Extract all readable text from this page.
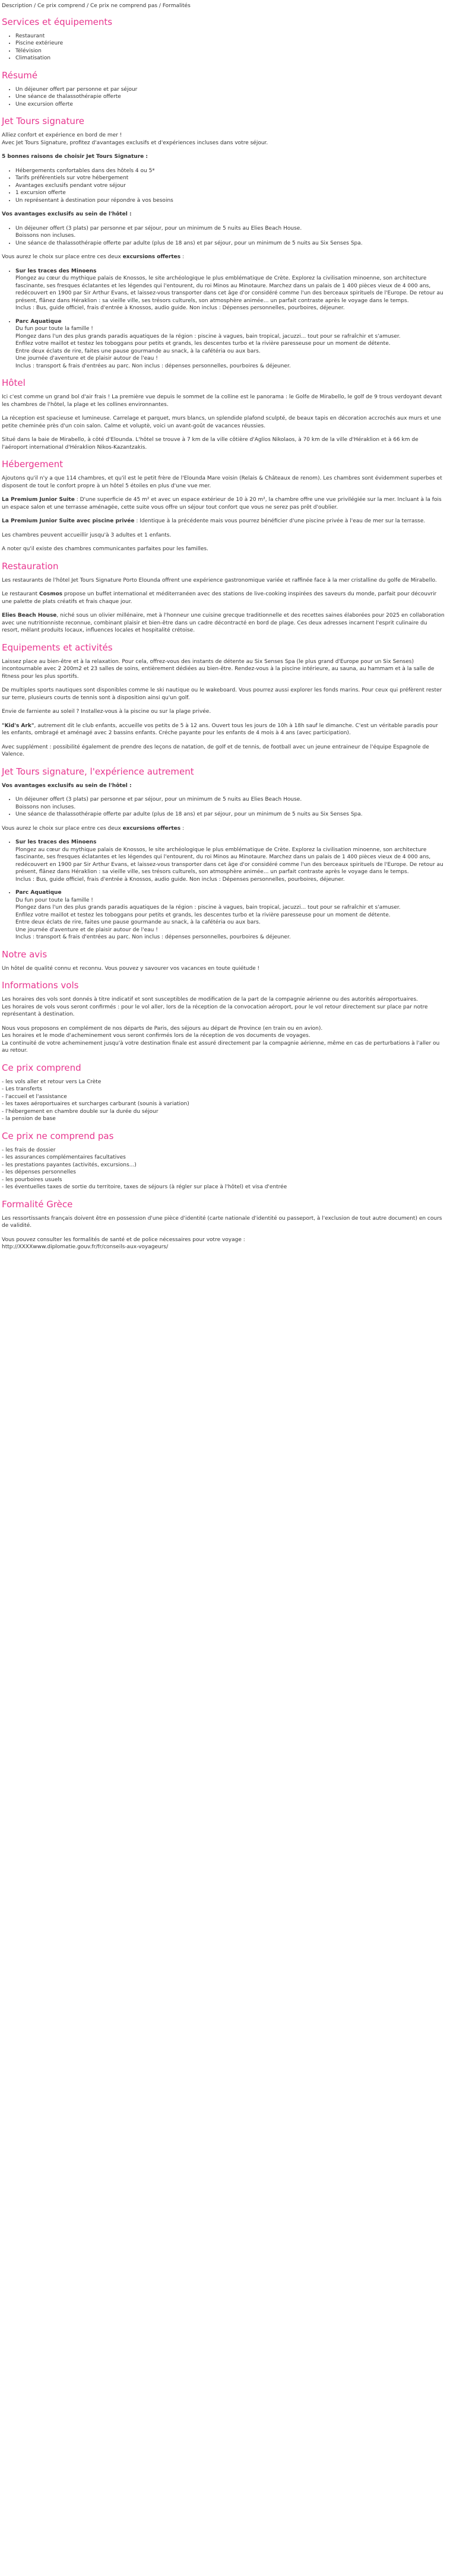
Description / Ce prix comprend / Ce prix ne comprend pas / Formalités
Services et équipements
• Restaurant
• Piscine extérieure
• Télévision
• Climatisation
Résumé
• Un déjeuner offert par personne et par séjour
• Une séance de thalassothérapie offerte
• Une excursion offerte
Jet Tours signature

Alliez confort et expérience en bord de mer !
Avec Jet Tours Signature, profitez d'avantages exclusifs et d'expériences incluses dans votre séjour.

5 bonnes raisons de choisir Jet Tours Signature :

• Hébergements confortables dans des hôtels 4 ou 5*
• Tarifs préférentiels sur votre hébergement
• Avantages exclusifs pendant votre séjour
• 1 excursion offerte
• Un représentant à destination pour répondre à vos besoins

Vos avantages exclusifs au sein de l'hôtel :

• Un déjeuner offert (3 plats) par personne et par séjour, pour un minimum de 5 nuits au Elies Beach House.
Boissons non incluses.
• Une séance de thalassothérapie offerte par adulte (plus de 18 ans) et par séjour, pour un minimum de 5 nuits au Six Senses Spa.

Vous aurez le choix sur place entre ces deux excursions offertes :

• Sur les traces des Minoens
Plongez au cœur du mythique palais de Knossos, le site archéologique le plus emblématique de Crète. Explorez la civilisation minoenne, son architecture fascinante, ses fresques éclatantes et les légendes qui l'entourent, du roi Minos au Minotaure. Marchez dans un palais de 1 400 pièces vieux de 4 000 ans, redécouvert en 1900 par Sir Arthur Evans, et laissez-vous transporter dans cet âge d'or considéré comme l'un des berceaux spirituels de l'Europe. De retour au présent, flânez dans Héraklion : sa vieille ville, ses trésors culturels, son atmosphère animée... un parfait contraste après le voyage dans le temps.
Inclus : Bus, guide officiel, frais d'entrée à Knossos, audio guide. Non inclus : Dépenses personnelles, pourboires, déjeuner.
• Parc Aquatique
Du fun pour toute la famille !
Plongez dans l'un des plus grands paradis aquatiques de la région : piscine à vagues, bain tropical, jacuzzi... tout pour se rafraîchir et s'amuser.
Enfilez votre maillot et testez les toboggans pour petits et grands, les descentes turbo et la rivière paresseuse pour un moment de détente.
Entre deux éclats de rire, faites une pause gourmande au snack, à la cafétéria ou aux bars.
Une journée d'aventure et de plaisir autour de l'eau !
Inclus : transport & frais d'entrées au parc. Non inclus : dépenses personnelles, pourboires & déjeuner.
Hôtel

Ici c'est comme un grand bol d'air frais ! La première vue depuis le sommet de la colline est le panorama : le Golfe de Mirabello, le golf de 9 trous verdoyant devant les chambres de l'hôtel, la plage et les collines environnantes.

La réception est spacieuse et lumineuse. Carrelage et parquet, murs blancs, un splendide plafond sculpté, de beaux tapis en décoration accrochés aux murs et une petite cheminée près d'un coin salon. Calme et voluptè, voici un avant-goût de vacances réussies.

Situé dans la baie de Mirabello, à côté d'Elounda. L'hôtel se trouve à 7 km de la ville côtière d'Aglios Nikolaos, à 70 km de la ville d'Héraklion et à 66 km de l'aéroport international d'Héraklion Nikos-Kazantzakis.

Hébergement

Ajoutons qu'il n'y a que 114 chambres, et qu'il est le petit frère de l'Elounda Mare voisin (Relais & Châteaux de renom). Les chambres sont évidemment superbes et disposent de tout le confort propre à un hôtel 5 étoiles en plus d'une vue mer.

La Premium Junior Suite : D'une superficie de 45 m² et avec un espace extérieur de 10 à 20 m², la chambre offre une vue privilégiée sur la mer. Incluant à la fois un espace salon et une terrasse aménagée, cette suite vous offre un séjour tout confort que vous ne serez pas prêt d'oublier.

La Premium Junior Suite avec piscine privée : Identique à la précédente mais vous pourrez bénéficier d'une piscine privée à l'eau de mer sur la terrasse.

Les chambres peuvent accueillir jusqu'à 3 adultes et 1 enfants.

A noter qu'il existe des chambres communicantes parfaites pour les familles.

Restauration

Les restaurants de l'hôtel Jet Tours Signature Porto Elounda offrent une expérience gastronomique variée et raffinée face à la mer cristalline du golfe de Mirabello.

Le restaurant Cosmos propose un buffet international et méditerranéen avec des stations de live-cooking inspirées des saveurs du monde, parfait pour découvrir une palette de plats créatifs et frais chaque jour.

Elies Beach House, niché sous un olivier millénaire, met à l'honneur une cuisine grecque traditionnelle et des recettes saines élaborées pour 2025 en collaboration avec une nutritionniste reconnue, combinant plaisir et bien-être dans un cadre décontracté en bord de plage. Ces deux adresses incarnent l'esprit culinaire du resort, mêlant produits locaux, influences locales et hospitalité crétoise.

Equipements et activités

Laissez place au bien-être et à la relaxation. Pour cela, offrez-vous des instants de détente au Six Senses Spa (le plus grand d'Europe pour un Six Senses) incontournable avec 2 200m2 et 23 salles de soins, entièrement dédiées au bien-être. Rendez-vous à la piscine intérieure, au sauna, au hammam et à la salle de fitness pour les plus sportifs.

De multiples sports nautiques sont disponibles comme le ski nautique ou le wakeboard. Vous pourrez aussi explorer les fonds marins. Pour ceux qui préfèrent rester sur terre, plusieurs courts de tennis sont à disposition ainsi qu'un golf.

Envie de farniente au soleil ? Installez-vous à la piscine ou sur la plage privée.

"Kid's Ark", autrement dit le club enfants, accueille vos petits de 5 à 12 ans. Ouvert tous les jours de 10h à 18h sauf le dimanche. C'est un véritable paradis pour les enfants, ombragé et aménagé avec 2 bassins enfants. Créche payante pour les enfants de 4 mois à 4 ans (avec participation).

Avec supplément : possibilité également de prendre des leçons de natation, de golf et de tennis, de football avec un jeune entraineur de l'équipe Espagnole de Valence.

Jet Tours signature, l'expérience autrement

Vos avantages exclusifs au sein de l'hôtel :

• Un déjeuner offert (3 plats) par personne et par séjour, pour un minimum de 5 nuits au Elies Beach House.
Boissons non incluses.
• Une séance de thalassothérapie offerte par adulte (plus de 18 ans) et par séjour, pour un minimum de 5 nuits au Six Senses Spa.

Vous aurez le choix sur place entre ces deux excursions offertes :

• Sur les traces des Minoens
Plongez au cœur du mythique palais de Knossos, le site archéologique le plus emblématique de Crète. Explorez la civilisation minoenne, son architecture fascinante, ses fresques éclatantes et les légendes qui l'entourent, du roi Minos au Minotaure. Marchez dans un palais de 1 400 pièces vieux de 4 000 ans, redécouvert en 1900 par Sir Arthur Evans, et laissez-vous transporter dans cet âge d'or considéré comme l'un des berceaux spirituels de l'Europe. De retour au présent, flânez dans Héraklion : sa vieille ville, ses trésors culturels, son atmosphère animée... un parfait contraste après le voyage dans le temps.
Inclus : Bus, guide officiel, frais d'entrée à Knossos, audio guide. Non inclus : Dépenses personnelles, pourboires, déjeuner.
• Parc Aquatique
Du fun pour toute la famille !
Plongez dans l'un des plus grands paradis aquatiques de la région : piscine à vagues, bain tropical, jacuzzi... tout pour se rafraîchir et s'amuser.
Enfilez votre maillot et testez les toboggans pour petits et grands, les descentes turbo et la rivière paresseuse pour un moment de détente.
Entre deux éclats de rire, faites une pause gourmande au snack, à la cafétéria ou aux bars.
Une journée d'aventure et de plaisir autour de l'eau !
Inclus : transport & frais d'entrées au parc. Non inclus : dépenses personnelles, pourboires & déjeuner.
Notre avis

Un hôtel de qualité connu et reconnu. Vous pouvez y savourer vos vacances en toute quiétude !

Informations vols

Les horaires des vols sont donnés à titre indicatif et sont susceptibles de modification de la part de la compagnie aérienne ou des autorités aéroportuaires.
Les horaires de vols vous seront confirmés : pour le vol aller, lors de la réception de la convocation aéroport, pour le vol retour directement sur place par notre représentant à destination.

Nous vous proposons en complément de nos départs de Paris, des séjours au départ de Province (en train ou en avion).
Les horaires et le mode d'acheminement vous seront confirmés lors de la réception de vos documents de voyages.
La continuité de votre acheminement jusqu'à votre destination finale est assuré directement par la compagnie aérienne, même en cas de perturbations à l'aller ou au retour.

Ce prix comprend
- les vols aller et retour vers La Crète
- Les transferts
- l'accueil et l'assistance
- les taxes aéroportuaires et surcharges carburant (sounis à variation)
- l'hébergement en chambre double sur la durée du séjour
- la pension de base
Ce prix ne comprend pas
- les frais de dossier
- les assurances complémentaires facultatives
- les prestations payantes (activités, excursions...)
- les dépenses personnelles
- les pourboires usuels
- les éventuelles taxes de sortie du territoire, taxes de séjours (à régler sur place à l'hôtel) et visa d'entrée
Formalité Grèce

Les ressortissants français doivent être en possession d'une pièce d'identité (carte nationale d'identité ou passeport, à l'exclusion de tout autre document) en cours de validité.

Vous pouvez consulter les formalités de santé et de police nécessaires pour votre voyage :
http://XXXXwww.diplomatie.gouv.fr/fr/conseils-aux-voyageurs/
